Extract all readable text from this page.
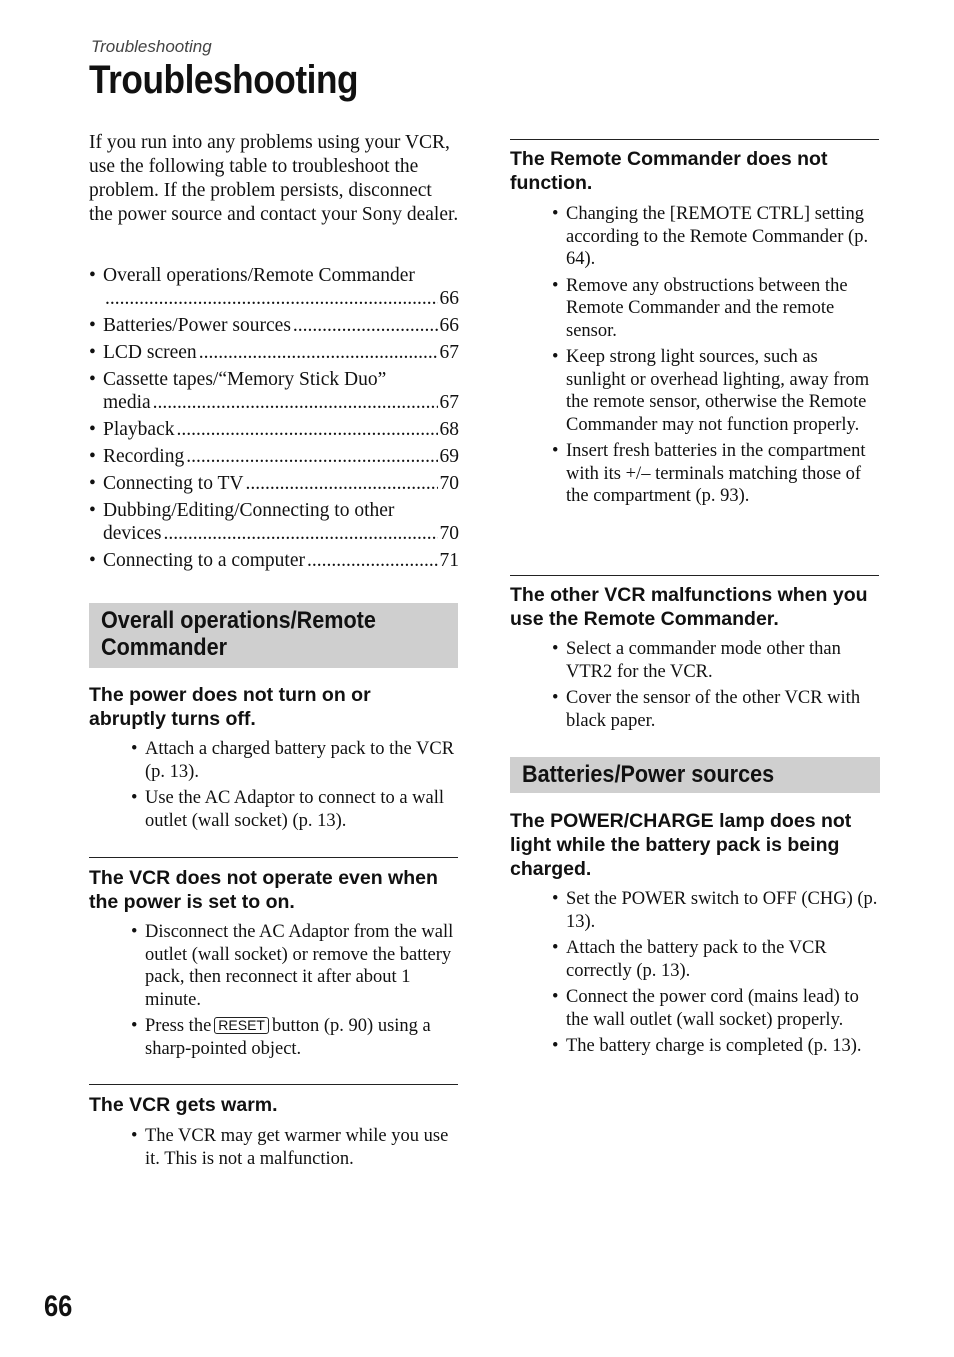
Troubleshooting
Troubleshooting

If you run into any problems using your VCR, use the following table to troubleshoot the problem. If the problem persists, disconnect the power source and contact your Sony dealer.

• Overall operations/Remote Commander
.....
66
• Batteries/Power sources .....	66
• LCD screen .....	67
• Cassette tapes/“Memory Stick Duo”
media .....	67
• Playback .....	68
• Recording .....	69
• Connecting to TV .....	70
• Dubbing/Editing/Connecting to other
devices .....	70
• Connecting to a computer .....	71
Overall operations/Remote Commander

The power does not turn on or abruptly turns off.

• Attach a charged battery pack to the VCR (p. 13).
• Use the AC Adaptor to connect to a wall outlet (wall socket) (p. 13).

The VCR does not operate even when the power is set to on.

• Disconnect the AC Adaptor from the wall outlet (wall socket) or remove the battery pack, then reconnect it after about 1 minute.
• Press the RESET button (p. 90) using a sharp-pointed object.

The VCR gets warm.

• The VCR may get warmer while you use it. This is not a malfunction.

The Remote Commander does not function.

• Changing the [REMOTE CTRL] setting according to the Remote Commander (p. 64).
• Remove any obstructions between the Remote Commander and the remote sensor.
• Keep strong light sources, such as sunlight or overhead lighting, away from the remote sensor, otherwise the Remote Commander may not function properly.
• Insert fresh batteries in the compartment with its +/– terminals matching those of the compartment (p. 93).

The other VCR malfunctions when you use the Remote Commander.

• Select a commander mode other than VTR2 for the VCR.
• Cover the sensor of the other VCR with black paper.
Batteries/Power sources

The POWER/CHARGE lamp does not light while the battery pack is being charged.

• Set the POWER switch to OFF (CHG) (p. 13).
• Attach the battery pack to the VCR correctly (p. 13).
• Connect the power cord (mains lead) to the wall outlet (wall socket) properly.
• The battery charge is completed (p. 13).
66
